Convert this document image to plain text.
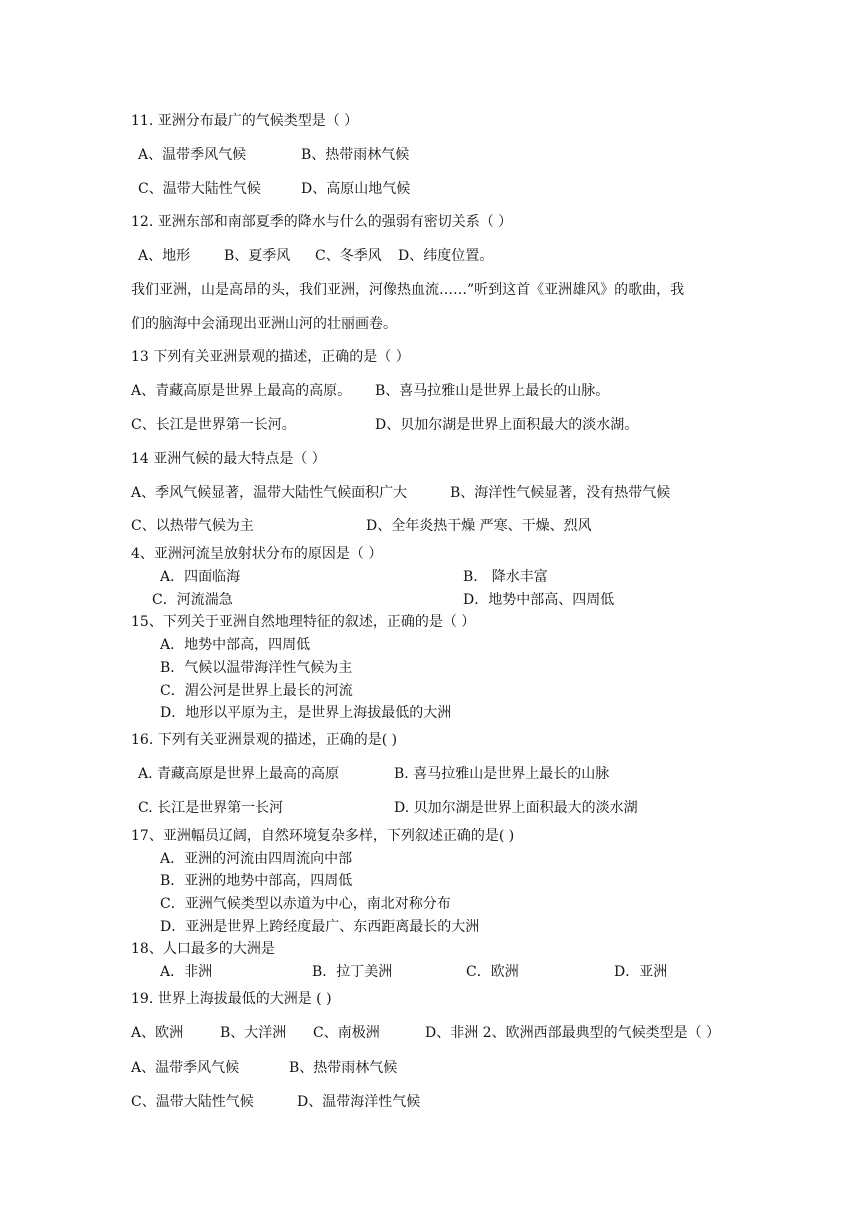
11. 亚洲分布最广的气候类型是（ ）
A、温带季风气候	B、热带雨林气候
C、温带大陆性气候	D、高原山地气候
12. 亚洲东部和南部夏季的降水与什么的强弱有密切关系（ ）
A、地形 B、夏季风 C、冬季风 D、纬度位置。
我们亚洲，山是高昂的头，我们亚洲，河像热血流……”听到这首《亚洲雄风》的歌曲，我
们的脑海中会涌现出亚洲山河的壮丽画卷。
13 下列有关亚洲景观的描述，正确的是（ ）
A、青藏高原是世界上最高的高原。 B、喜马拉雅山是世界上最长的山脉。
C、长江是世界第一长河。	D、贝加尔湖是世界上面积最大的淡水湖。
14 亚洲气候的最大特点是（ ）
A、季风气候显著，温带大陆性气候面积广大	B、海洋性气候显著，没有热带气候
C、以热带气候为主	D、全年炎热干燥 严寒、干燥、烈风
4、亚洲河流呈放射状分布的原因是（ ）
A．四面临海	B． 降水丰富
C．河流湍急	D．地势中部高、四周低
15、下列关于亚洲自然地理特征的叙述，正确的是（ ）
A．地势中部高，四周低
B．气候以温带海洋性气候为主
C．湄公河是世界上最长的河流
D．地形以平原为主，是世界上海拔最低的大洲
16. 下列有关亚洲景观的描述，正确的是( )
A. 青藏高原是世界上最高的高原	B. 喜马拉雅山是世界上最长的山脉
C. 长江是世界第一长河	D. 贝加尔湖是世界上面积最大的淡水湖
17、亚洲幅员辽阔，自然环境复杂多样，下列叙述正确的是( )
A．亚洲的河流由四周流向中部
B．亚洲的地势中部高，四周低
C．亚洲气候类型以赤道为中心，南北对称分布
D．亚洲是世界上跨经度最广、东西距离最长的大洲
18、人口最多的大洲是
A．非洲	B．拉丁美洲	C．欧洲	D．亚洲
19. 世界上海拔最低的大洲是 ( )
A、欧洲	B、大洋洲 C、南极洲	D、非洲 2、欧洲西部最典型的气候类型是（ ）
A、温带季风气候	B、热带雨林气候
C、温带大陆性气候	D、温带海洋性气候
